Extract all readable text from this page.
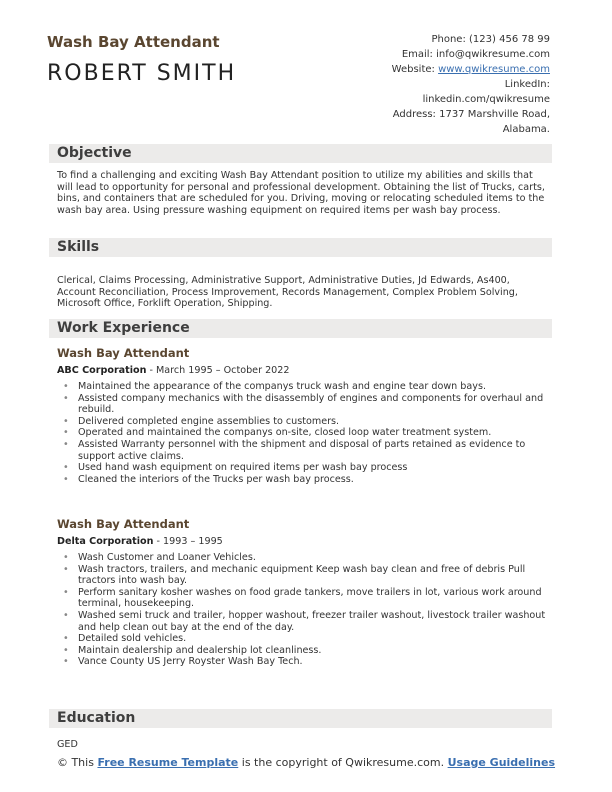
Wash Bay Attendant
ROBERT SMITH
Phone: (123) 456 78 99
Email: info@qwikresume.com
Website: www.qwikresume.com
LinkedIn:
linkedin.com/qwikresume
Address: 1737 Marshville Road,
Alabama.
Objective
To find a challenging and exciting Wash Bay Attendant position to utilize my abilities and skills that will lead to opportunity for personal and professional development. Obtaining the list of Trucks, carts, bins, and containers that are scheduled for you. Driving, moving or relocating scheduled items to the wash bay area. Using pressure washing equipment on required items per wash bay process.
Skills
Clerical, Claims Processing, Administrative Support, Administrative Duties, Jd Edwards, As400, Account Reconciliation, Process Improvement, Records Management, Complex Problem Solving, Microsoft Office, Forklift Operation, Shipping.
Work Experience
Wash Bay Attendant
ABC Corporation - March 1995 – October 2022
• Maintained the appearance of the companys truck wash and engine tear down bays.
• Assisted company mechanics with the disassembly of engines and components for overhaul and rebuild.
• Delivered completed engine assemblies to customers.
• Operated and maintained the companys on-site, closed loop water treatment system.
• Assisted Warranty personnel with the shipment and disposal of parts retained as evidence to support active claims.
• Used hand wash equipment on required items per wash bay process
• Cleaned the interiors of the Trucks per wash bay process.
Wash Bay Attendant
Delta Corporation - 1993 – 1995
• Wash Customer and Loaner Vehicles.
• Wash tractors, trailers, and mechanic equipment Keep wash bay clean and free of debris Pull tractors into wash bay.
• Perform sanitary kosher washes on food grade tankers, move trailers in lot, various work around terminal, housekeeping.
• Washed semi truck and trailer, hopper washout, freezer trailer washout, livestock trailer washout and help clean out bay at the end of the day.
• Detailed sold vehicles.
• Maintain dealership and dealership lot cleanliness.
• Vance County US Jerry Royster Wash Bay Tech.
Education
GED
© This Free Resume Template is the copyright of Qwikresume.com. Usage Guidelines
